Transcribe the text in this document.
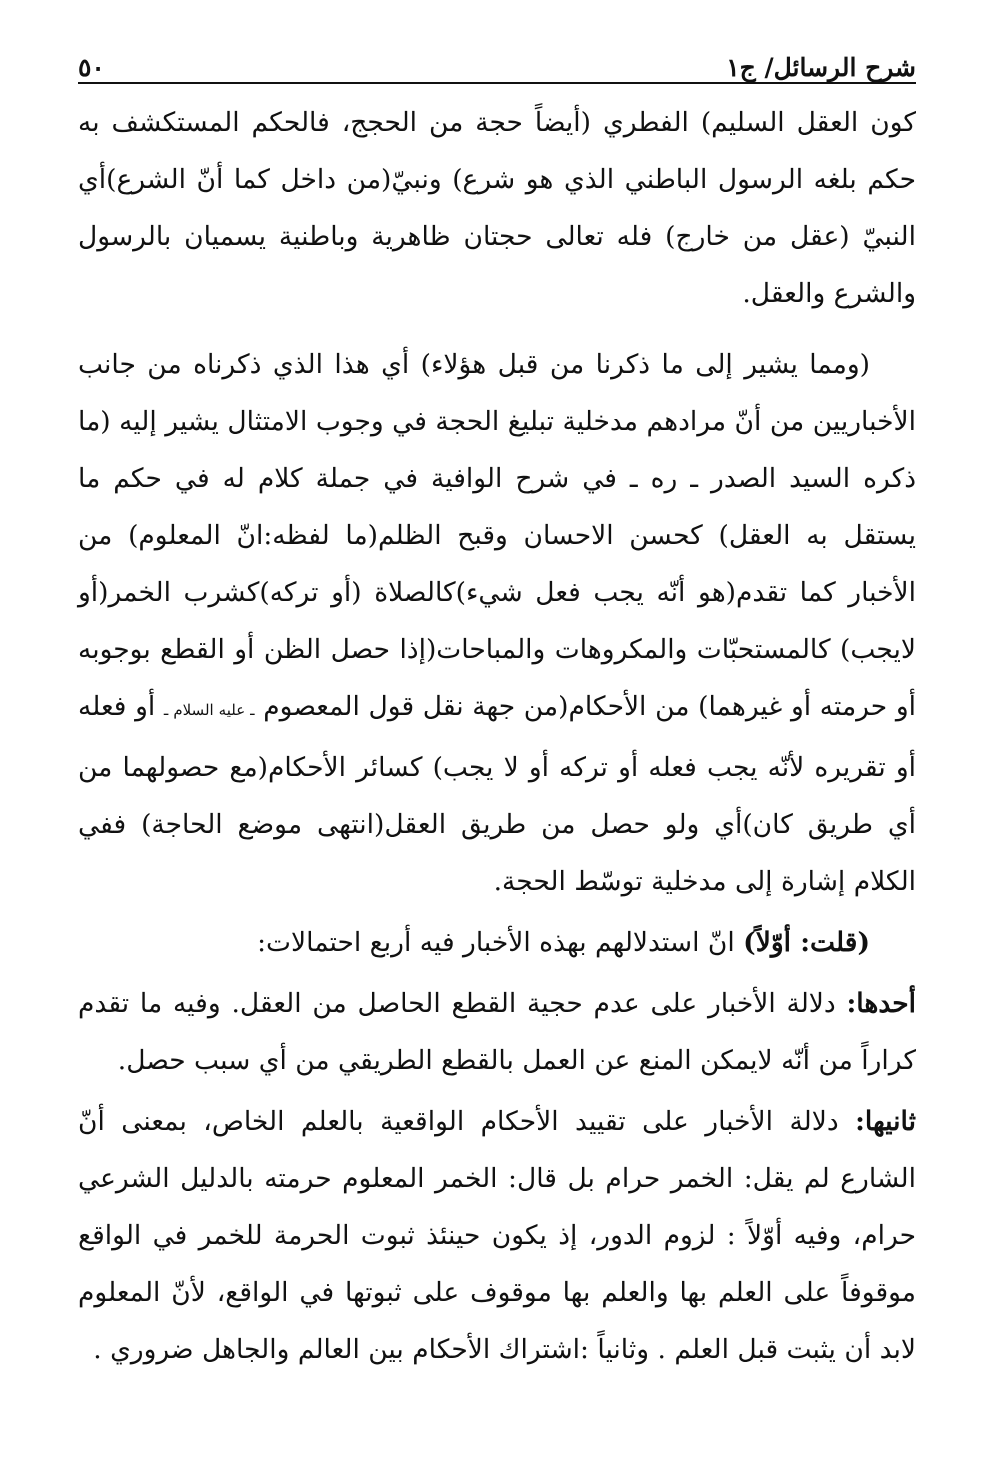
٥٠	شرح الرسائل/ ج١

كون العقل السليم) الفطري (أيضاً حجة من الحجج، فالحكم المستكشف به حكم بلغه الرسول الباطني الذي هو شرع) ونبيّ(من داخل كما أنّ الشرع)أي النبيّ (عقل من خارج) فله تعالى حجتان ظاهرية وباطنية يسميان بالرسول والشرع والعقل.

(ومما يشير إلى ما ذكرنا من قبل هؤلاء) أي هذا الذي ذكرناه من جانب الأخباريين من أنّ مرادهم مدخلية تبليغ الحجة في وجوب الامتثال يشير إليه (ما ذكره السيد الصدر ـ ره ـ في شرح الوافية في جملة كلام له في حكم ما يستقل به العقل) كحسن الاحسان وقبح الظلم(ما لفظه:انّ المعلوم) من الأخبار كما تقدم(هو أنّه يجب فعل شيء)كالصلاة (أو تركه)كشرب الخمر(أو لايجب) كالمستحبّات والمكروهات والمباحات(إذا حصل الظن أو القطع بوجوبه أو حرمته أو غيرهما) من الأحكام(من جهة نقل قول المعصوم ـ عليه السلام ـ أو فعله أو تقريره لأنّه يجب فعله أو تركه أو لا يجب) كسائر الأحكام(مع حصولهما من أي طريق كان)أي ولو حصل من طريق العقل(انتهى موضع الحاجة) ففي الكلام إشارة إلى مدخلية توسّط الحجة.

(قلت: أوّلاً) انّ استدلالهم بهذه الأخبار فيه أربع احتمالات:

أحدها: دلالة الأخبار على عدم حجية القطع الحاصل من العقل. وفيه ما تقدم كراراً من أنّه لايمكن المنع عن العمل بالقطع الطريقي من أي سبب حصل.

ثانيها: دلالة الأخبار على تقييد الأحكام الواقعية بالعلم الخاص، بمعنى أنّ الشارع لم يقل: الخمر حرام بل قال: الخمر المعلوم حرمته بالدليل الشرعي حرام، وفيه أوّلاً : لزوم الدور، إذ يكون حينئذ ثبوت الحرمة للخمر في الواقع موقوفاً على العلم بها والعلم بها موقوف على ثبوتها في الواقع، لأنّ المعلوم لابد أن يثبت قبل العلم . وثانياً :اشتراك الأحكام بين العالم والجاهل ضروري .
